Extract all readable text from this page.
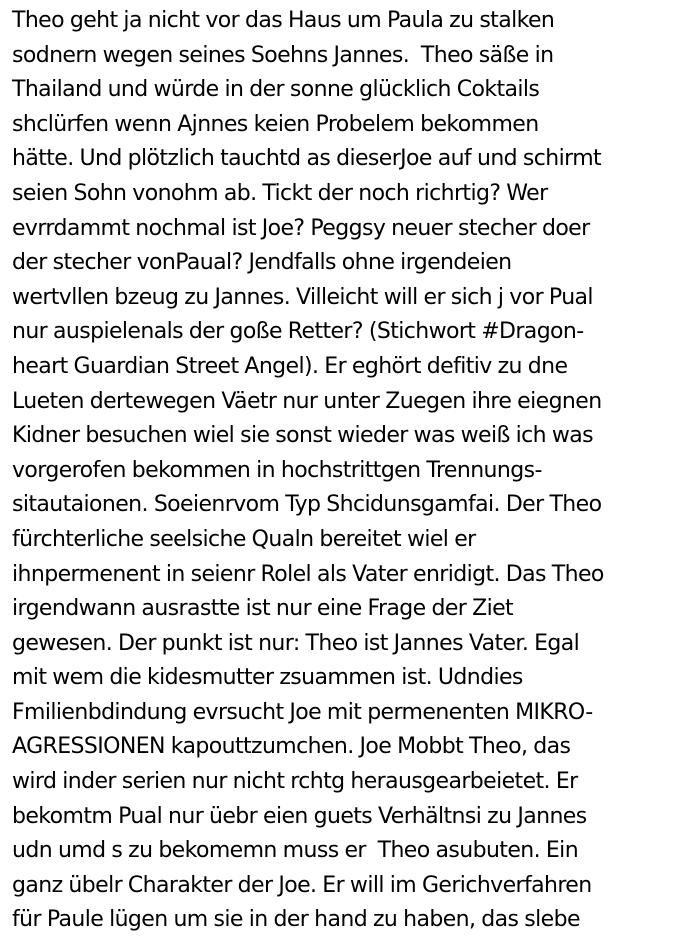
Theo geht ja nicht vor das Haus um Paula zu stalken
sodnern wegen seines Soehns Jannes.  Theo säße in
Thailand und würde in der sonne glücklich Coktails
shclürfen wenn Ajnnes keien Probelem bekommen
hätte. Und plötzlich tauchtd as dieserJoe auf und schirmt
seien Sohn vonohm ab. Tickt der noch richrtig? Wer
evrrdammt nochmal ist Joe? Peggsy neuer stecher doer
der stecher vonPaual? Jendfalls ohne irgendeien
wertvllen bzeug zu Jannes. Villeicht will er sich j vor Pual
nur auspielenals der goße Retter? (Stichwort #Dragon-
heart Guardian Street Angel). Er eghört defitiv zu dne
Lueten dertewegen Väetr nur unter Zuegen ihre eiegnen
Kidner besuchen wiel sie sonst wieder was weiß ich was
vorgerofen bekommen in hochstrittgen Trennungs-
sitautaionen. Soeienrvom Typ Shcidunsgamfai. Der Theo
fürchterliche seelsiche Qualn bereitet wiel er
ihnpermenent in seienr Rolel als Vater enridigt. Das Theo
irgendwann ausrastte ist nur eine Frage der Ziet
gewesen. Der punkt ist nur: Theo ist Jannes Vater. Egal
mit wem die kidesmutter zsuammen ist. Udndies
Fmilienbdindung evrsucht Joe mit permenenten MIKRO-
AGRESSIONEN kapouttzumchen. Joe Mobbt Theo, das
wird inder serien nur nicht rchtg herausgearbeietet. Er
bekomtm Pual nur üebr eien guets Verhältnsi zu Jannes
udn umd s zu bekomemn muss er  Theo asubuten. Ein
ganz übelr Charakter der Joe. Er will im Gerichverfahren
für Paule lügen um sie in der hand zu haben, das slebe
